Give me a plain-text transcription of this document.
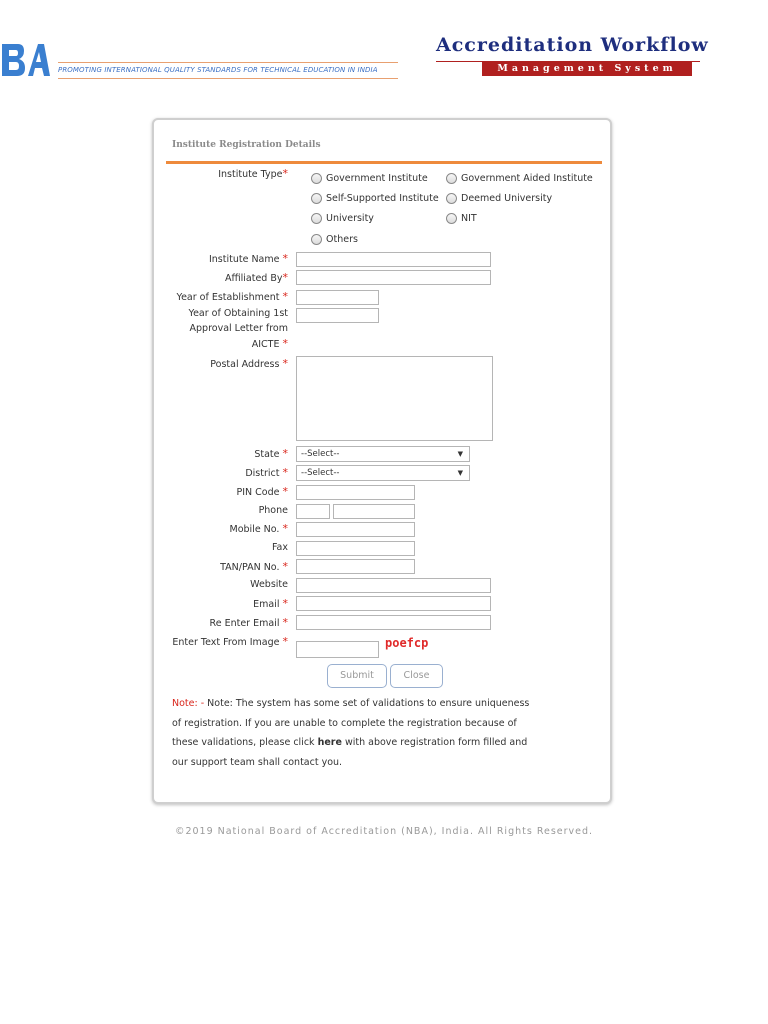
PROMOTING INTERNATIONAL QUALITY STANDARDS FOR TECHNICAL EDUCATION IN INDIA
Accreditation Workflow
Management System
Institute Registration Details
Institute Type*	Government Institute	Government Aided Institute
Self-Supported Institute Deemed University
University	NIT
Others
Institute Name *
Affiliated By*
Year of Establishment *
Year of Obtaining 1st Approval Letter from AICTE *
Postal Address *
State *	--Select--	▼
District *	--Select--	▼
PIN Code *
Phone
Mobile No. *
Fax
TAN/PAN No. *
Website
Email *
Re Enter Email *
Enter Text From Image *	poefcp
Submit	Close
Note: - Note: The system has some set of validations to ensure uniqueness of registration. If you are unable to complete the registration because of these validations, please click here with above registration form filled and our support team shall contact you.
©2019 National Board of Accreditation (NBA), India. All Rights Reserved.
